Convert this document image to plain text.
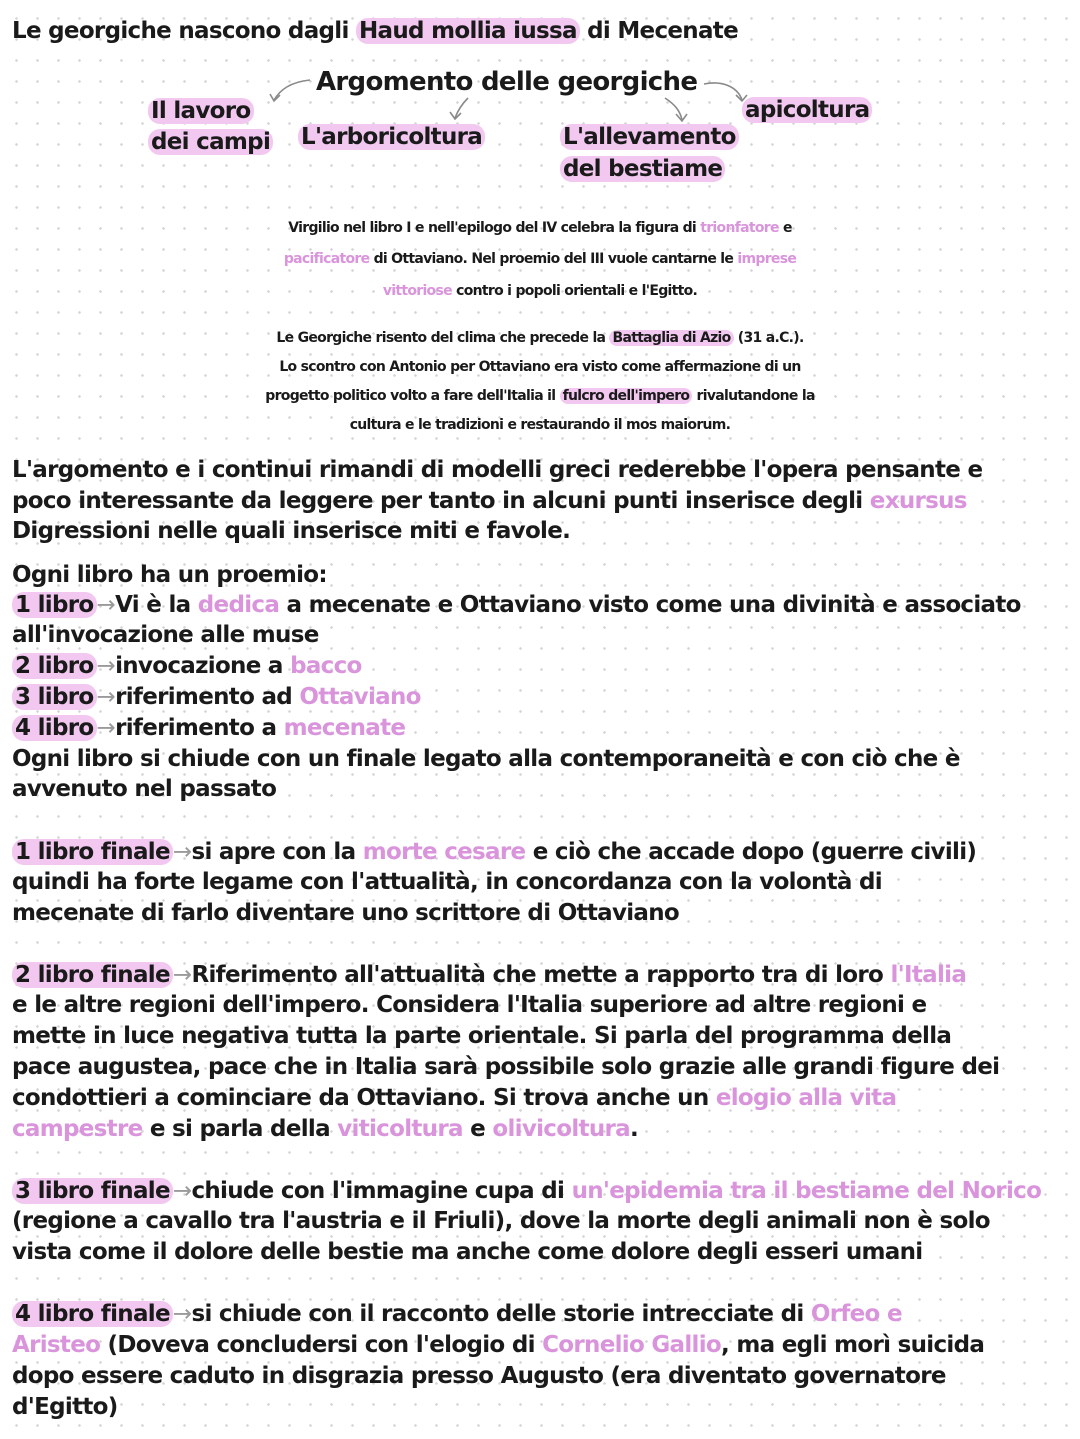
Le georgiche nascono dagli Haud mollia iussa di Mecenate

Argomento delle georgiche

Il lavoro

dei campi L'arboricoltura	L'allevamento

del bestiame

apicoltura

Virgilio nel libro I e nell'epilogo del IV celebra la figura di trionfatore e

pacificatore di Ottaviano. Nel proemio del III vuole cantarne le imprese

vittoriose contro i popoli orientali e l'Egitto.

Le Georgiche risento del clima che precede la Battaglia di Azio (31 a.C.).

Lo scontro con Antonio per Ottaviano era visto come affermazione di un

progetto politico volto a fare dell'Italia il fulcro dell'impero rivalutandone la

cultura e le tradizioni e restaurando il mos maiorum.

L'argomento e i continui rimandi di modelli greci rederebbe l'opera pensante e

poco interessante da leggere per tanto in alcuni punti inserisce degli exursus

Digressioni nelle quali inserisce miti e favole.

Ogni libro ha un proemio:

1 libro →Vi è la dedica a mecenate e Ottaviano visto come una divinità e associato

all'invocazione alle muse

2 libro →invocazione a bacco

3 libro →riferimento ad Ottaviano

4 libro →riferimento a mecenate

Ogni libro si chiude con un finale legato alla contemporaneità e con ciò che è

avvenuto nel passato

1 libro finale →si apre con la morte cesare e ciò che accade dopo (guerre civili)

quindi ha forte legame con l'attualità, in concordanza con la volontà di

mecenate di farlo diventare uno scrittore di Ottaviano

2 libro finale →Riferimento all'attualità che mette a rapporto tra di loro l'Italia

e le altre regioni dell'impero. Considera l'Italia superiore ad altre regioni e

mette in luce negativa tutta la parte orientale. Si parla del programma della

pace augustea, pace che in Italia sarà possibile solo grazie alle grandi figure dei

condottieri a cominciare da Ottaviano. Si trova anche un elogio alla vita

campestre e si parla della viticoltura e olivicoltura.

3 libro finale →chiude con l'immagine cupa di un'epidemia tra il bestiame del Norico

(regione a cavallo tra l'austria e il Friuli), dove la morte degli animali non è solo

vista come il dolore delle bestie ma anche come dolore degli esseri umani

4 libro finale →si chiude con il racconto delle storie intrecciate di Orfeo e

Aristeo (Doveva concludersi con l'elogio di Cornelio Gallio, ma egli morì suicida

dopo essere caduto in disgrazia presso Augusto (era diventato governatore

d'Egitto)
